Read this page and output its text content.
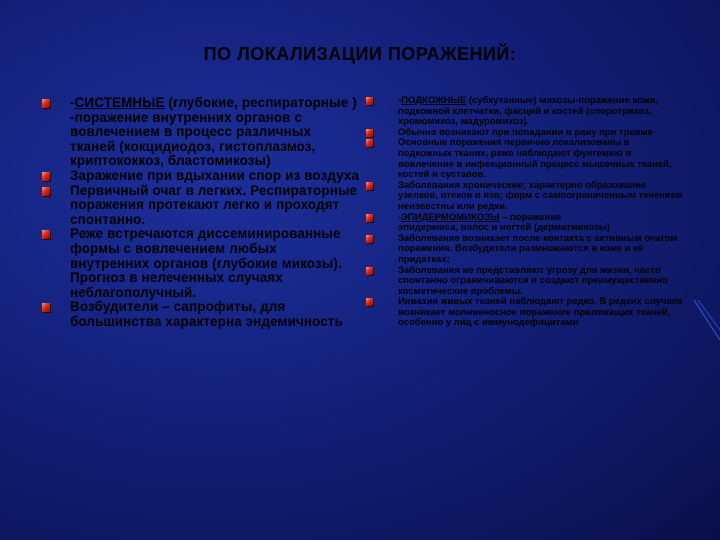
ПО ЛОКАЛИЗАЦИИ ПОРАЖЕНИЙ:
-СИСТЕМНЫЕ (глубокие, респираторные ) -поражение внутренних органов с вовлечением в процесс различных тканей (кокцидиодоз, гистоплазмоз, криптококкоз, бластомикозы)
Заражение при вдыхании спор из воздуха
Первичный очаг в легких. Респираторные поражения протекают легко и проходят спонтанно.
Реже встречаются диссеминированные формы с вовлечением любых внутренних органов (глубокие микозы). Прогноз в нелеченных случаях неблагополучный.
Возбудители – сапрофиты, для большинства характерна эндемичность
-ПОДКОЖНЫЕ (субкутанные) микозы-поражение кожи, подкожной клетчатки, фасций и костей (споротрихоз, хромомикоз, мадуромикоз).
Обычно возникают при попадании в рану при травме
Основные поражения первично локализованы в подкожных тканях, реже наблюдают фунгемию и вовлечение в инфекционный процесс мышечных тканей, костей и суставов.
Заболевания хронические; характерно образование узелков, отеков и язв; форм с самоограниченным течением неизвестны или редки.
-ЭПИДЕРМОМИКОЗЫ – поражение
эпидермиса, волос и ногтей (дерматмикозы)
Заболевание возникает после контакта с активным очагом поражения. Возбудители размножаются в коже и её придатках;
Заболевания не представляют угрозу для жизни, часто спонтанно ограничиваются и создают преимущественно косметические проблемы.
Инвазии живых тканей наблюдают редко. В редких случаях возникает молниеносное поражение прилежащих тканей, особенно у лиц с иммунодефицитами
